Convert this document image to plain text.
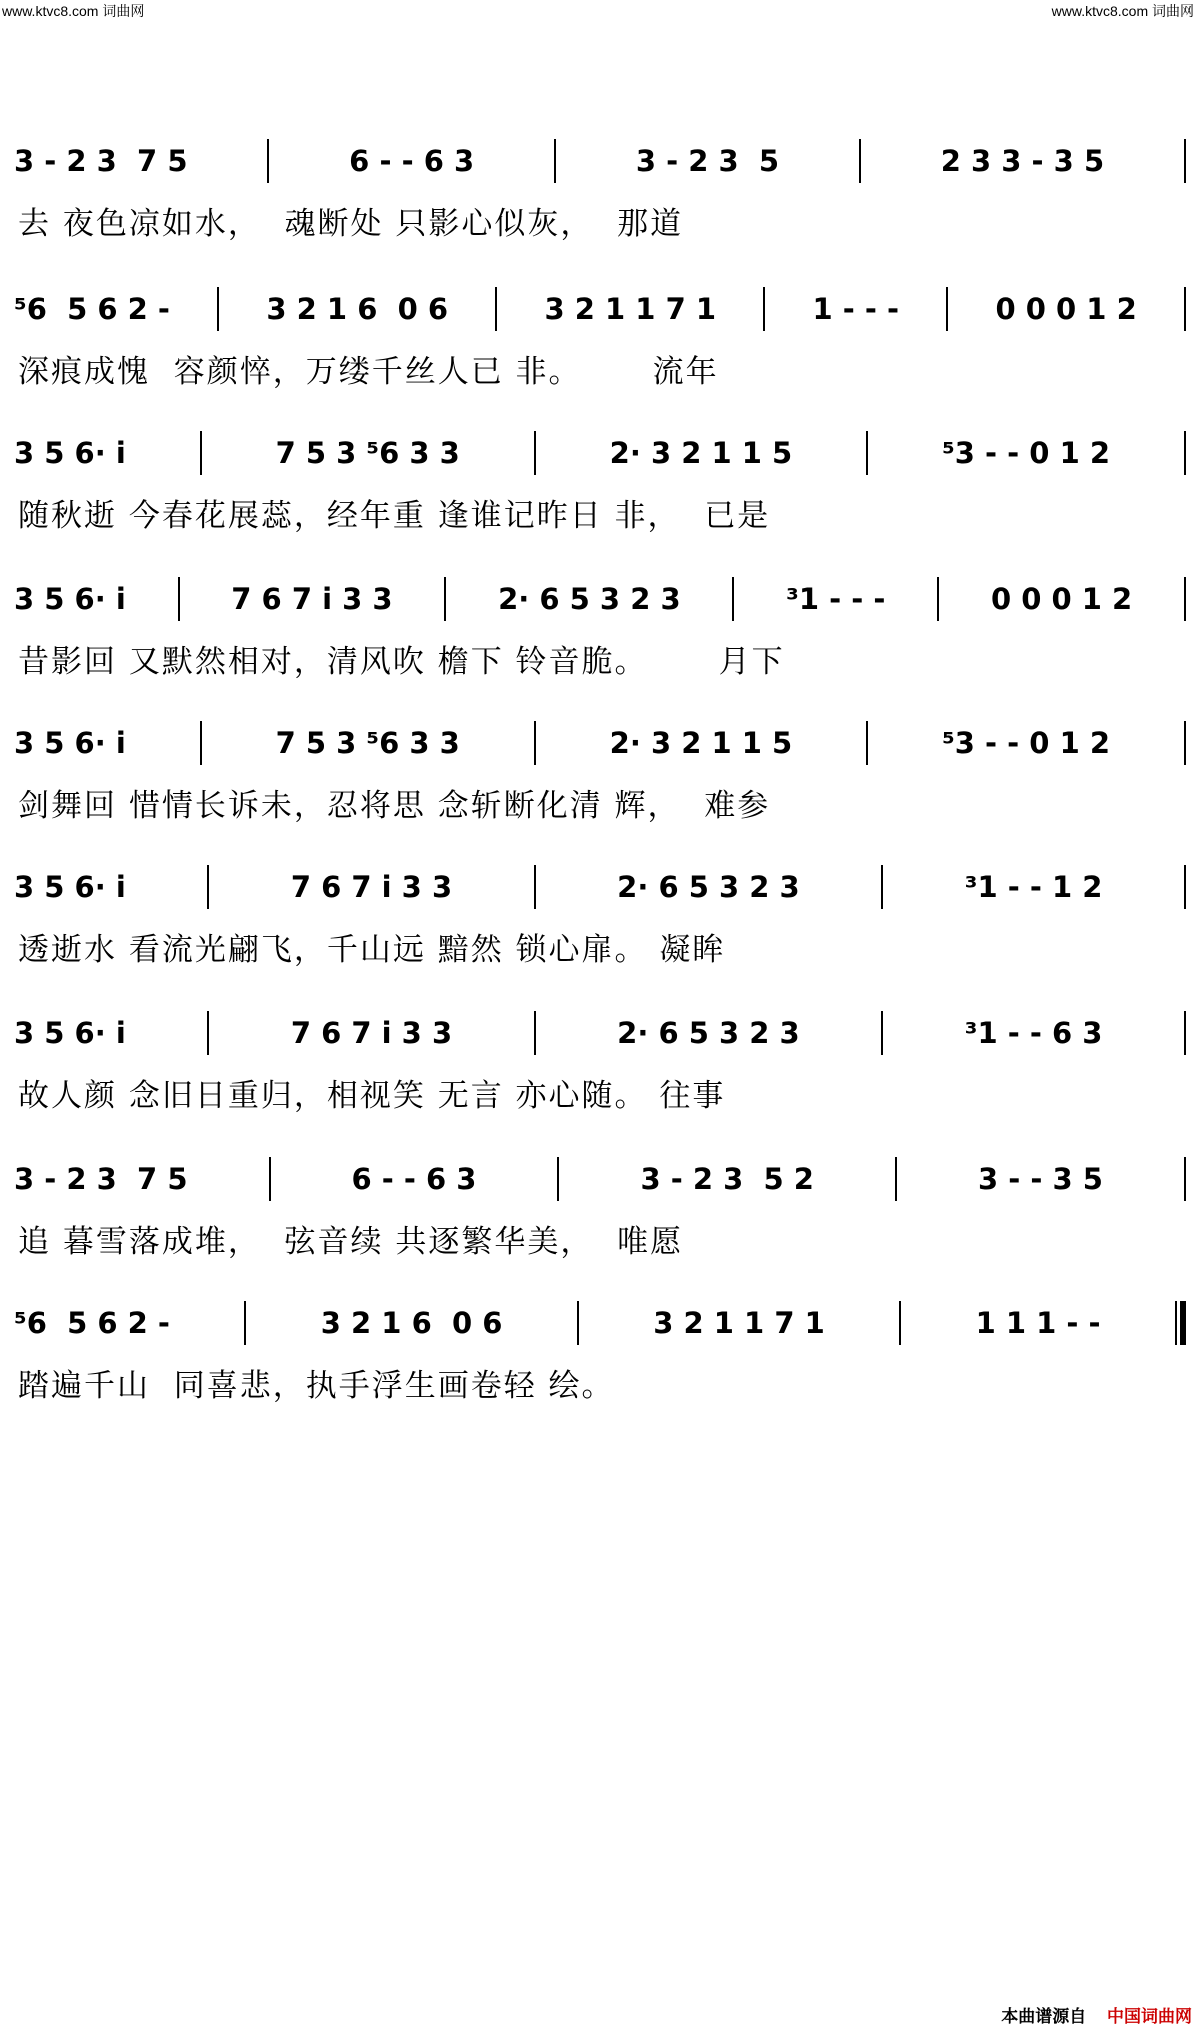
www.ktvc8.com 词曲网	www.ktvc8.com 词曲网
3 - 2 3  7 5	6 - - 6 3	3 - 2 3  5	2 3 3 - 3 5
去 夜色凉如水，  魂断处 只影心似灰，  那道
⁵6  5 6 2 -	3 2 1 6  0 6	3 2 1 1 7 1	1 - - -	0 0 0 1 2
深痕成愧  容颜悴，万缕千丝人已 非。      流年
3 5 6· i	7 5 3 ⁵6 3 3	2· 3 2 1 1 5	⁵3 - - 0 1 2
随秋逝 今春花展蕊，经年重 逢谁记昨日 非，  已是
3 5 6· i	7 6 7 i 3 3	2· 6 5 3 2 3	³1 - - -	0 0 0 1 2
昔影回 又默然相对，清风吹 檐下 铃音脆。      月下
3 5 6· i	7 5 3 ⁵6 3 3	2· 3 2 1 1 5	⁵3 - - 0 1 2
剑舞回 惜情长诉未，忍将思 念斩断化清 辉，  难参
3 5 6· i	7 6 7 i 3 3	2· 6 5 3 2 3	³1 - - 1 2
透逝水 看流光翩飞，千山远 黯然 锁心扉。 凝眸
3 5 6· i	7 6 7 i 3 3	2· 6 5 3 2 3	³1 - - 6 3
故人颜 念旧日重归，相视笑 无言 亦心随。 往事
3 - 2 3  7 5	6 - - 6 3	3 - 2 3  5 2	3 - - 3 5
追 暮雪落成堆，  弦音续 共逐繁华美，  唯愿
⁵6  5 6 2 -	3 2 1 6  0 6	3 2 1 1 7 1	1 1 1 - -
踏遍千山  同喜悲，执手浮生画卷轻 绘。
本曲谱源自 中国词曲网
